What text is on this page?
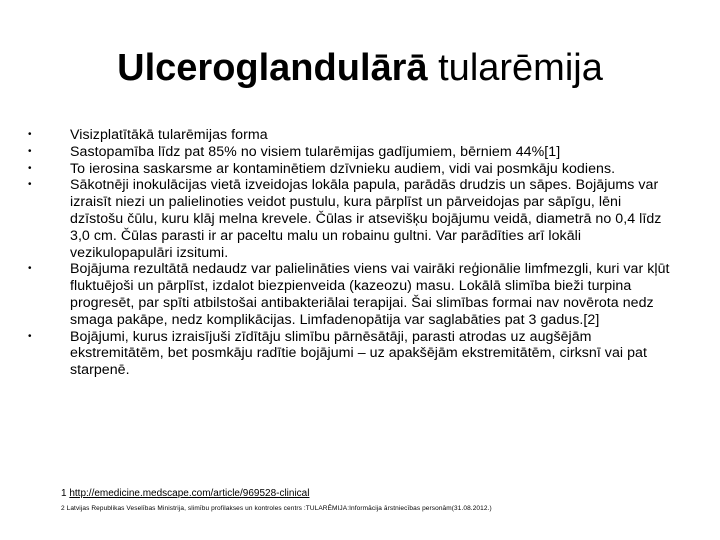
Ulceroglandulārā tularēmija
•	Visizplatītākā tularēmijas forma
•	Sastopamība līdz pat 85% no visiem tularēmijas gadījumiem, bērniem 44%[1]
•	To ierosina saskarsme ar kontaminētiem dzīvnieku audiem, vidi vai posmkāju kodiens.
•	Sākotnēji inokulācijas vietā izveidojas lokāla papula, parādās drudzis un sāpes. Bojājums var izraisīt niezi un palielinoties veidot pustulu, kura pārplīst un pārveidojas par sāpīgu, lēni dzīstošu čūlu, kuru klāj melna krevele. Čūlas ir atsevišķu bojājumu veidā, diametrā no 0,4 līdz 3,0 cm. Čūlas parasti ir ar paceltu malu un robainu gultni. Var parādīties arī lokāli vezikulopapulāri izsitumi.
•	Bojājuma rezultātā nedaudz var palielināties viens vai vairāki reģionālie limfmezgli, kuri var kļūt fluktuējoši un pārplīst, izdalot biezpienveida (kazeozu) masu. Lokālā slimība bieži turpina progresēt, par spīti atbilstošai antibakteriālai terapijai. Šai slimības formai nav novērota nedz smaga pakāpe, nedz komplikācijas. Limfadenopātija var saglabāties pat 3 gadus.[2]
•	Bojājumi, kurus izraisījuši zīdītāju slimību pārnēsātāji, parasti atrodas uz augšējām ekstremitātēm, bet posmkāju radītie bojājumi – uz apakšējām ekstremitātēm, cirksnī vai pat starpenē.
1 http://emedicine.medscape.com/article/969528-clinical
2 Latvijas Republikas Veselības Ministrija, slimību profilakses un kontroles centrs :TULARĒMIJA:Informācija ārstniecības personām(31.08.2012.)
